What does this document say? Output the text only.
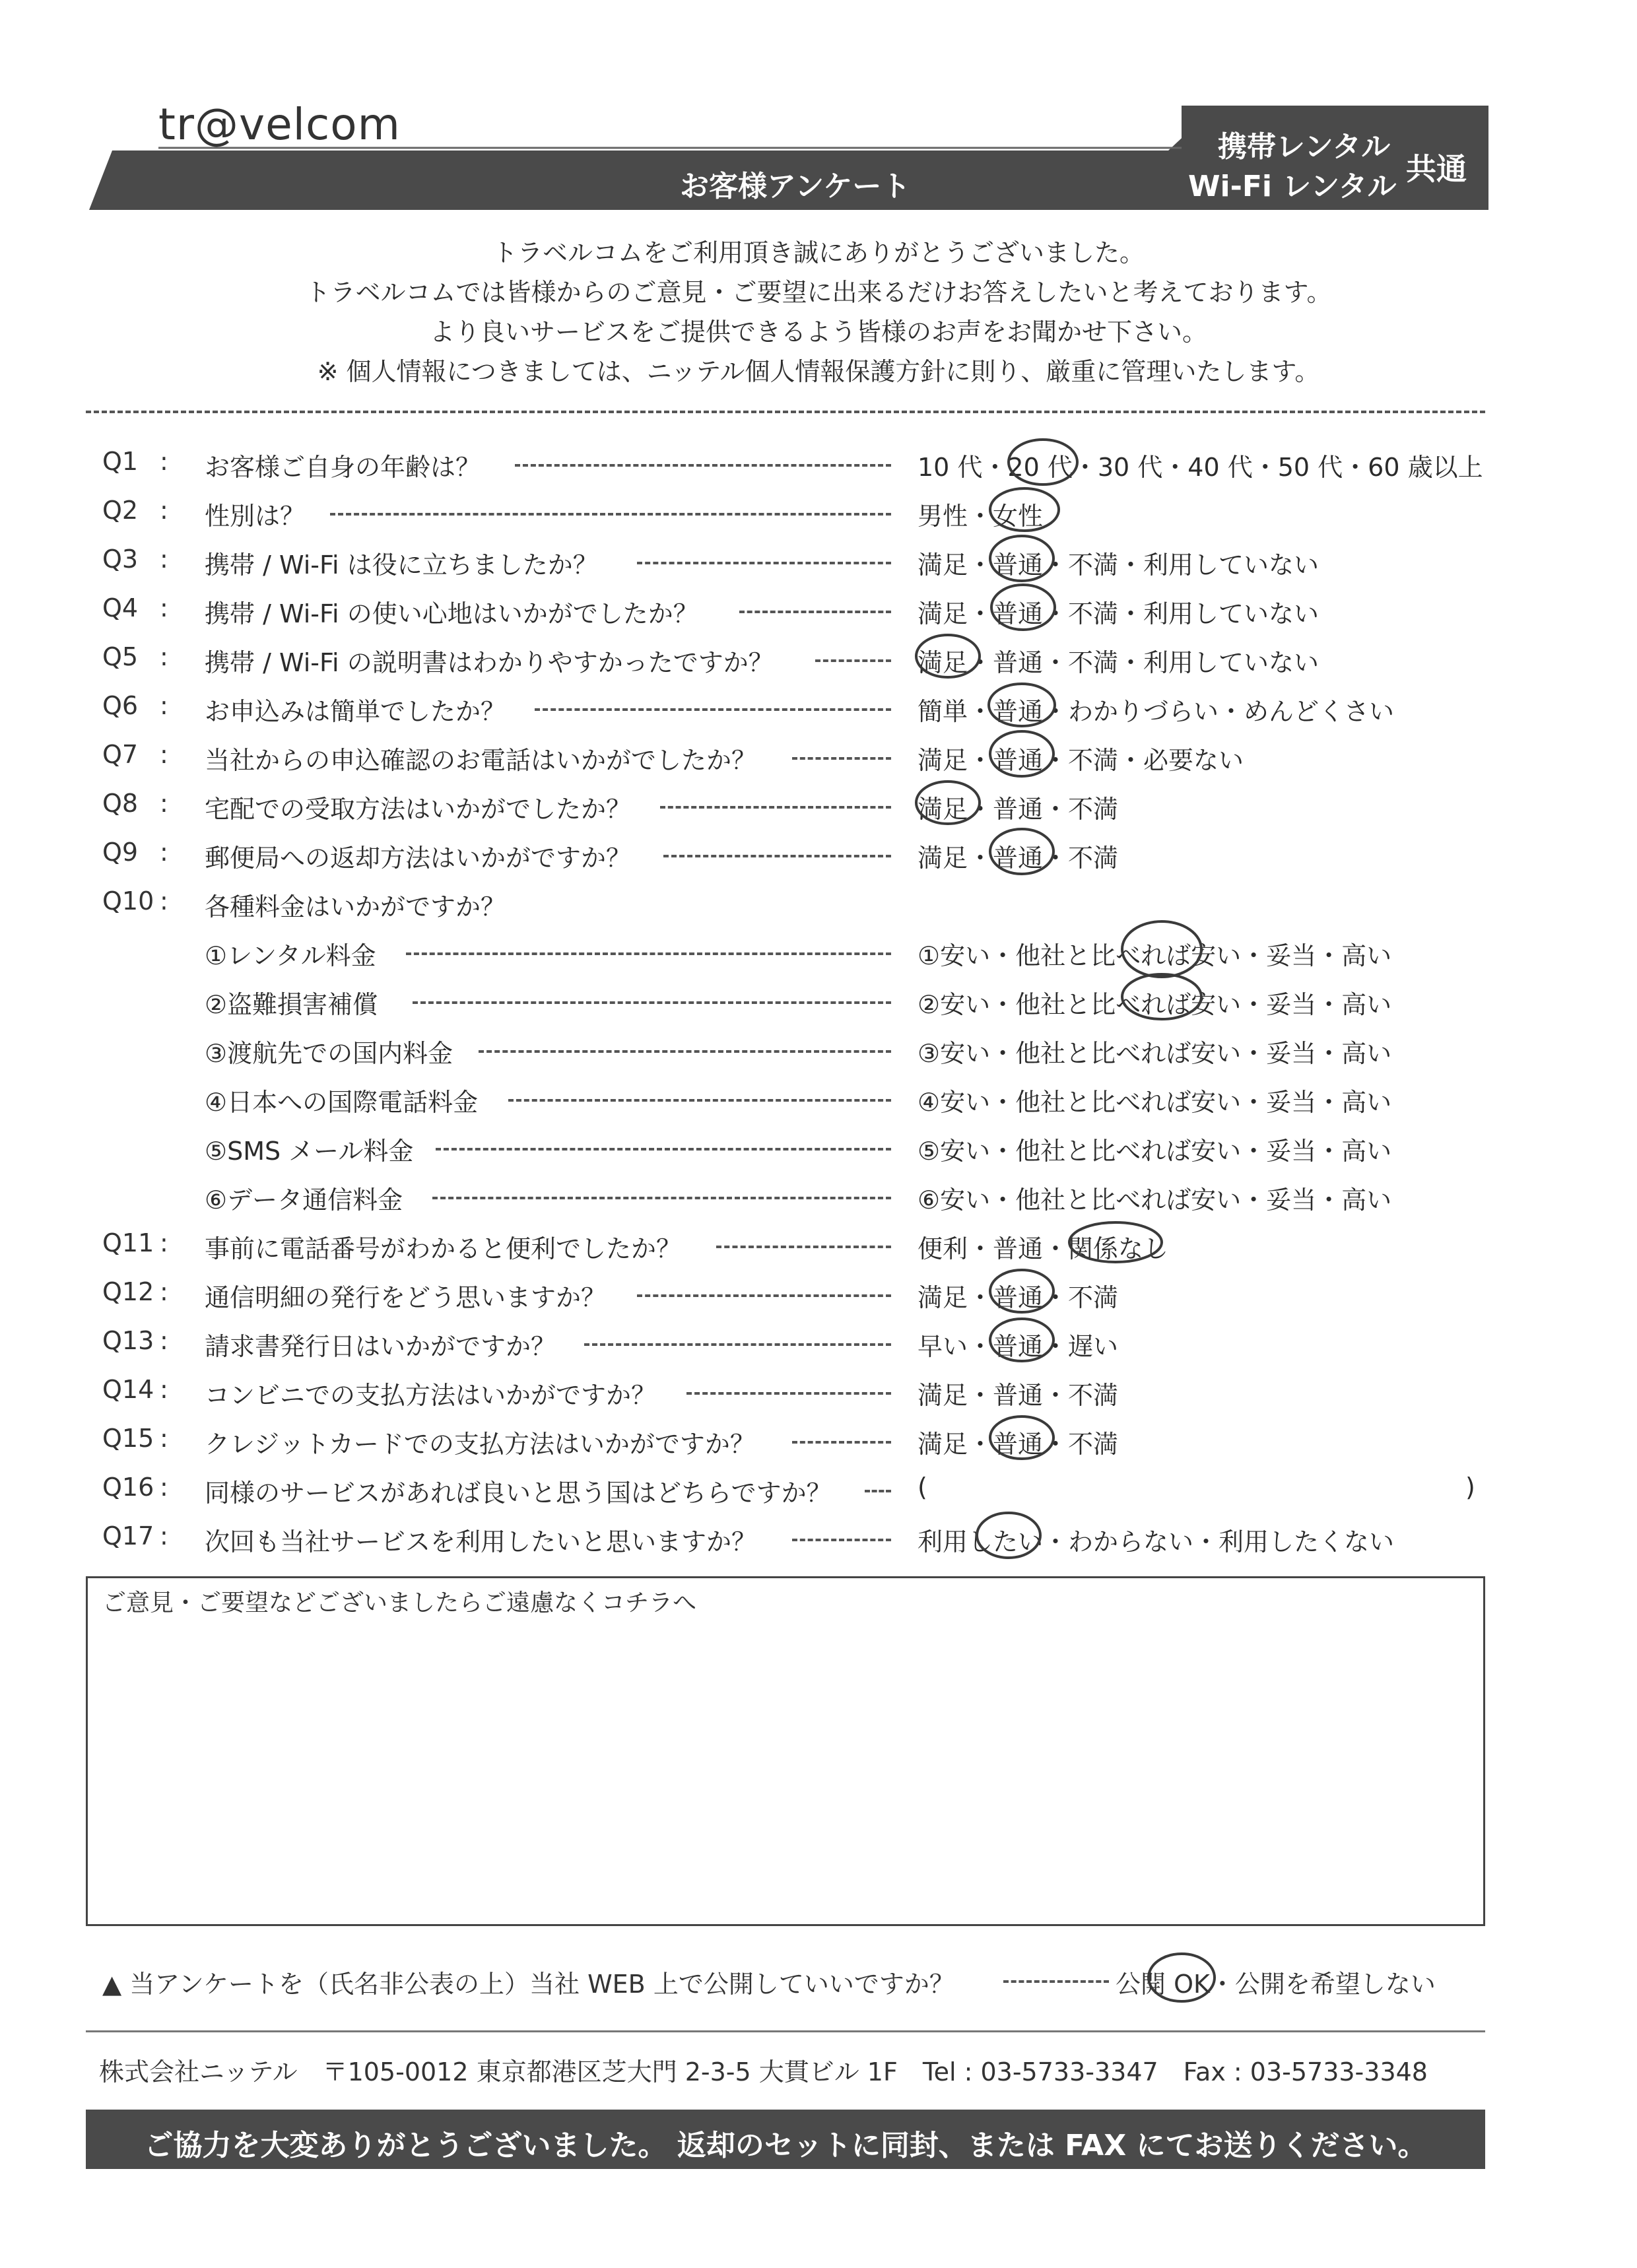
tr@velcom
お客様アンケート
携帯レンタル
Wi-Fi レンタル 共通
トラベルコムをご利用頂き誠にありがとうございました。
トラベルコムでは皆様からのご意見・ご要望に出来るだけお答えしたいと考えております。
より良いサービスをご提供できるよう皆様のお声をお聞かせ下さい。
※ 個人情報につきましては、ニッテル個人情報保護方針に則り、厳重に管理いたします。
Q1 : お客様ご自身の年齢は？	10 代・20 代・30 代・40 代・50 代・60 歳以上
Q2 : 性別は？	男性・女性
Q3 : 携帯 / Wi-Fi は役に立ちましたか？	満足・普通・不満・利用していない
Q4 : 携帯 / Wi-Fi の使い心地はいかがでしたか？	満足・普通・不満・利用していない
Q5 : 携帯 / Wi-Fi の説明書はわかりやすかったですか？	満足・普通・不満・利用していない
Q6 : お申込みは簡単でしたか？	簡単・普通・わかりづらい・めんどくさい
Q7 : 当社からの申込確認のお電話はいかがでしたか？	満足・普通・不満・必要ない
Q8 : 宅配での受取方法はいかがでしたか？	満足・普通・不満
Q9 : 郵便局への返却方法はいかがですか？	満足・普通・不満
Q10 : 各種料金はいかがですか？
①レンタル料金	①安い・他社と比べれば安い・妥当・高い
②盗難損害補償	②安い・他社と比べれば安い・妥当・高い
③渡航先での国内料金	③安い・他社と比べれば安い・妥当・高い
④日本への国際電話料金	④安い・他社と比べれば安い・妥当・高い
⑤SMS メール料金	⑤安い・他社と比べれば安い・妥当・高い
⑥データ通信料金	⑥安い・他社と比べれば安い・妥当・高い
Q11 : 事前に電話番号がわかると便利でしたか？	便利・普通・関係なし
Q12 : 通信明細の発行をどう思いますか？	満足・普通・不満
Q13 : 請求書発行日はいかがですか？	早い・普通・遅い
Q14 : コンビニでの支払方法はいかがですか？	満足・普通・不満
Q15 : クレジットカードでの支払方法はいかがですか？	満足・普通・不満
Q16 : 同様のサービスがあれば良いと思う国はどちらですか？	(	)
Q17 : 次回も当社サービスを利用したいと思いますか？	利用したい・わからない・利用したくない
ご意見・ご要望などございましたらご遠慮なくコチラへ
▲ 当アンケートを（氏名非公表の上）当社 WEB 上で公開していいですか？	公開 OK・公開を希望しない
株式会社ニッテル　〒105-0012 東京都港区芝大門 2-3-5 大貫ビル 1F　Tel : 03-5733-3347　Fax : 03-5733-3348
ご協力を大変ありがとうございました。 返却のセットに同封、または FAX にてお送りください。
